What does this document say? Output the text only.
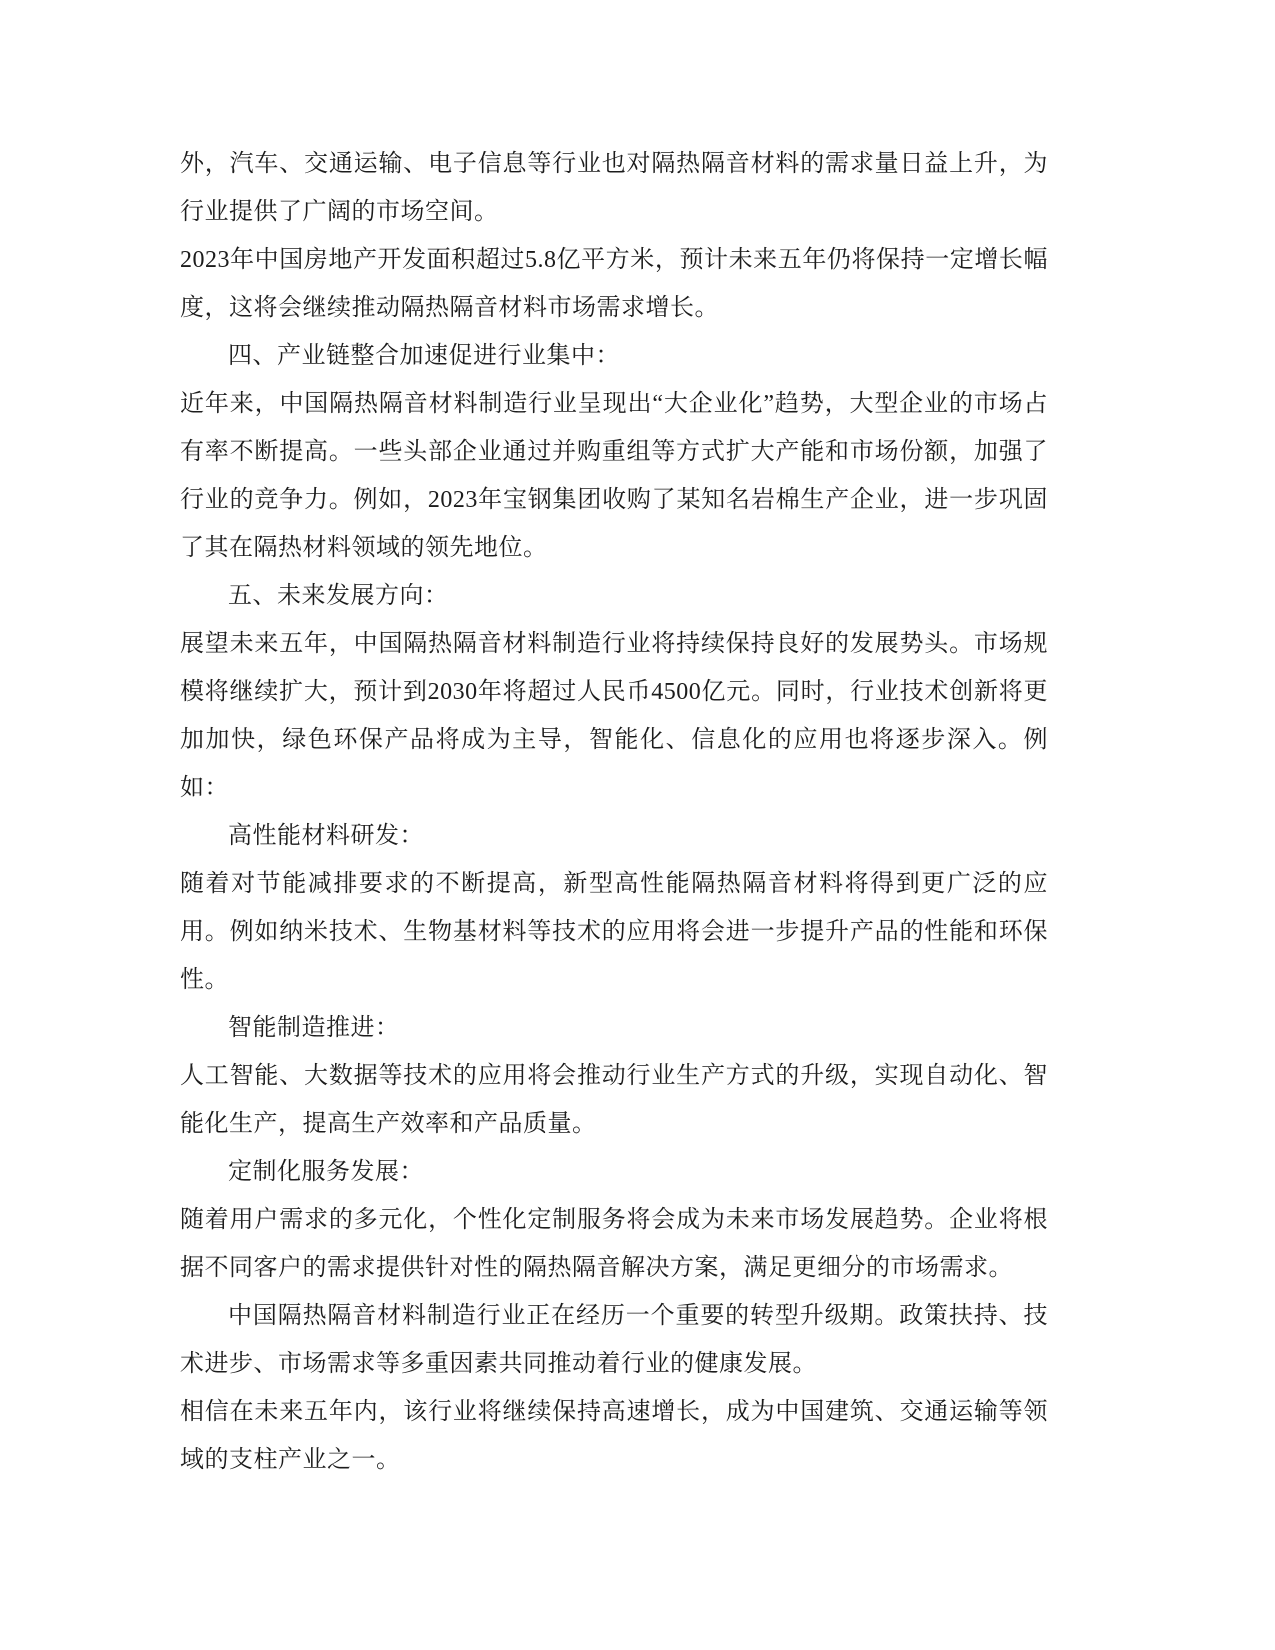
外，汽车、交通运输、电子信息等行业也对隔热隔音材料的需求量日益上升，为行业提供了广阔的市场空间。

2023年中国房地产开发面积超过5.8亿平方米，预计未来五年仍将保持一定增长幅度，这将会继续推动隔热隔音材料市场需求增长。

四、产业链整合加速促进行业集中：

近年来，中国隔热隔音材料制造行业呈现出“大企业化”趋势，大型企业的市场占有率不断提高。一些头部企业通过并购重组等方式扩大产能和市场份额，加强了行业的竞争力。例如，2023年宝钢集团收购了某知名岩棉生产企业，进一步巩固了其在隔热材料领域的领先地位。

五、未来发展方向：

展望未来五年，中国隔热隔音材料制造行业将持续保持良好的发展势头。市场规模将继续扩大，预计到2030年将超过人民币4500亿元。同时，行业技术创新将更加加快，绿色环保产品将成为主导，智能化、信息化的应用也将逐步深入。例如：

高性能材料研发：

随着对节能减排要求的不断提高，新型高性能隔热隔音材料将得到更广泛的应用。例如纳米技术、生物基材料等技术的应用将会进一步提升产品的性能和环保性。

智能制造推进：

人工智能、大数据等技术的应用将会推动行业生产方式的升级，实现自动化、智能化生产，提高生产效率和产品质量。

定制化服务发展：

随着用户需求的多元化，个性化定制服务将会成为未来市场发展趋势。企业将根据不同客户的需求提供针对性的隔热隔音解决方案，满足更细分的市场需求。

中国隔热隔音材料制造行业正在经历一个重要的转型升级期。政策扶持、技术进步、市场需求等多重因素共同推动着行业的健康发展。

相信在未来五年内，该行业将继续保持高速增长，成为中国建筑、交通运输等领域的支柱产业之一。
